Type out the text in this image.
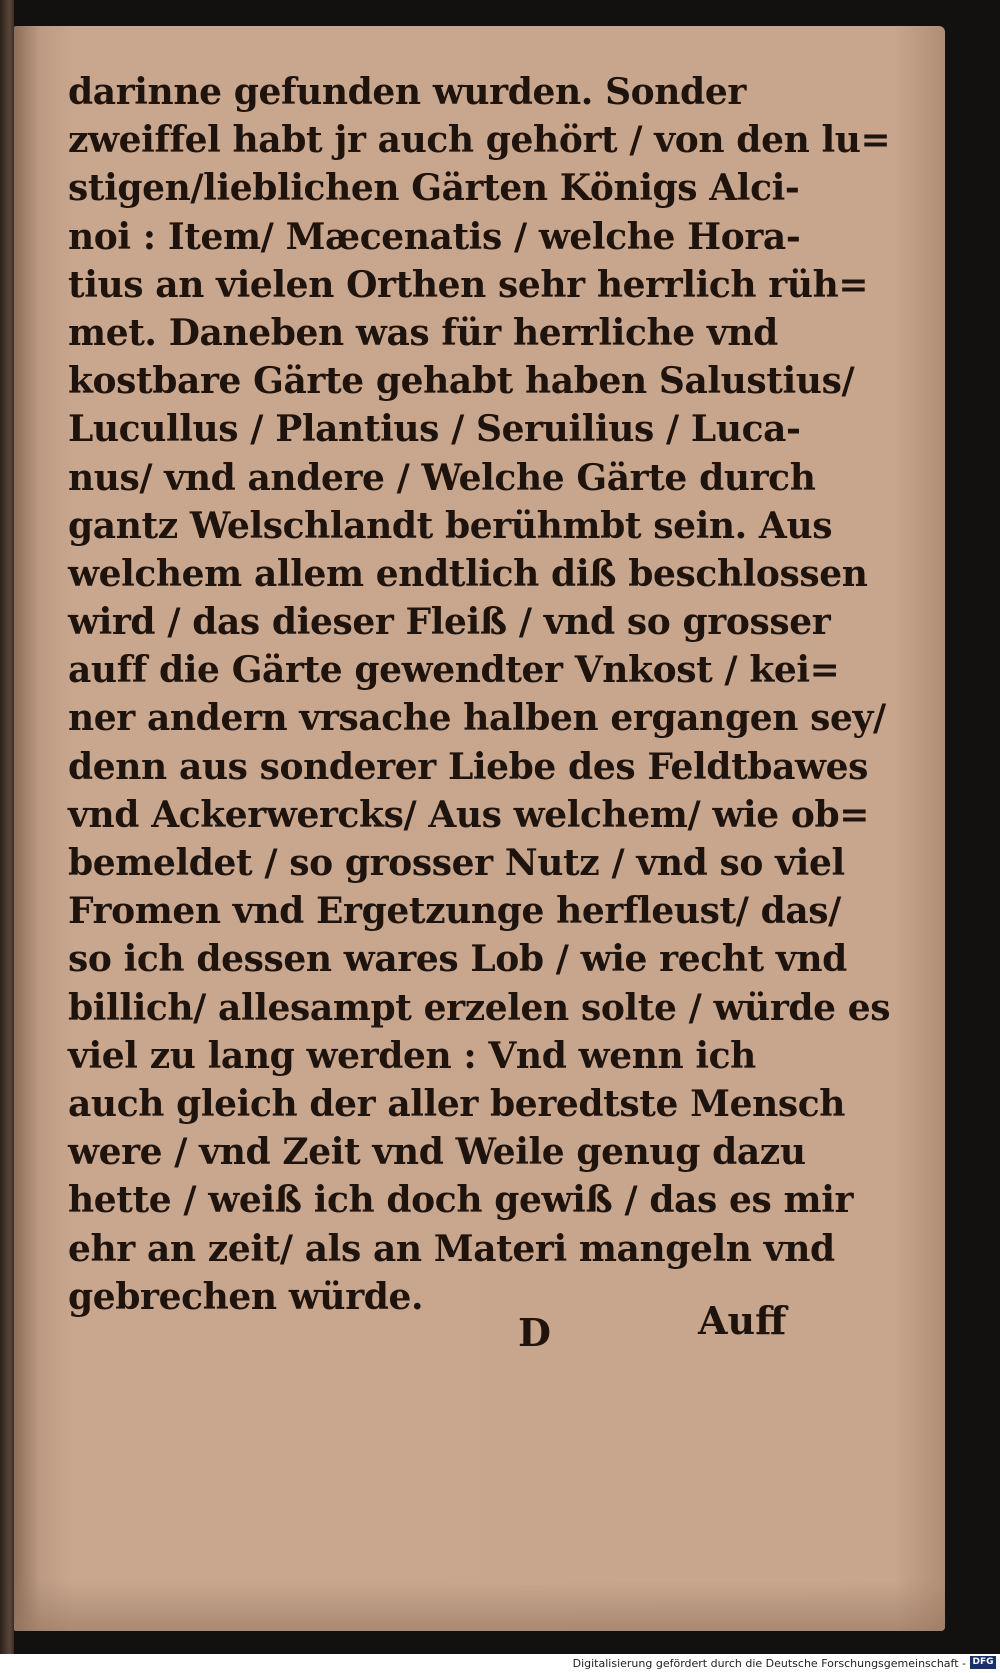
darinne gefunden wurden. Sonder
zweiffel habt jr auch gehört / von den lu=
stigen/lieblichen Gärten Königs Alci-
noi : Item/ Mæcenatis / welche Hora-
tius an vielen Orthen sehr herrlich rüh=
met. Daneben was für herrliche vnd
kostbare Gärte gehabt haben Salustius/
Lucullus / Plantius / Seruilius / Luca-
nus/ vnd andere / Welche Gärte durch
gantz Welschlandt berühmbt sein. Aus
welchem allem endtlich diß beschlossen
wird / das dieser Fleiß / vnd so grosser
auff die Gärte gewendter Vnkost / kei=
ner andern vrsache halben ergangen sey/
denn aus sonderer Liebe des Feldtbawes
vnd Ackerwercks/ Aus welchem/ wie ob=
bemeldet / so grosser Nutz / vnd so viel
Fromen vnd Ergetzunge herfleust/ das/
so ich dessen wares Lob / wie recht vnd
billich/ allesampt erzelen solte / würde es
viel zu lang werden : Vnd wenn ich
auch gleich der aller beredtste Mensch
were / vnd Zeit vnd Weile genug dazu
hette / weiß ich doch gewiß / das es mir
ehr an zeit/ als an Materi mangeln vnd
gebrechen würde.
D	Auff
Digitalisierung gefördert durch die Deutsche Forschungsgemeinschaft - DFG
